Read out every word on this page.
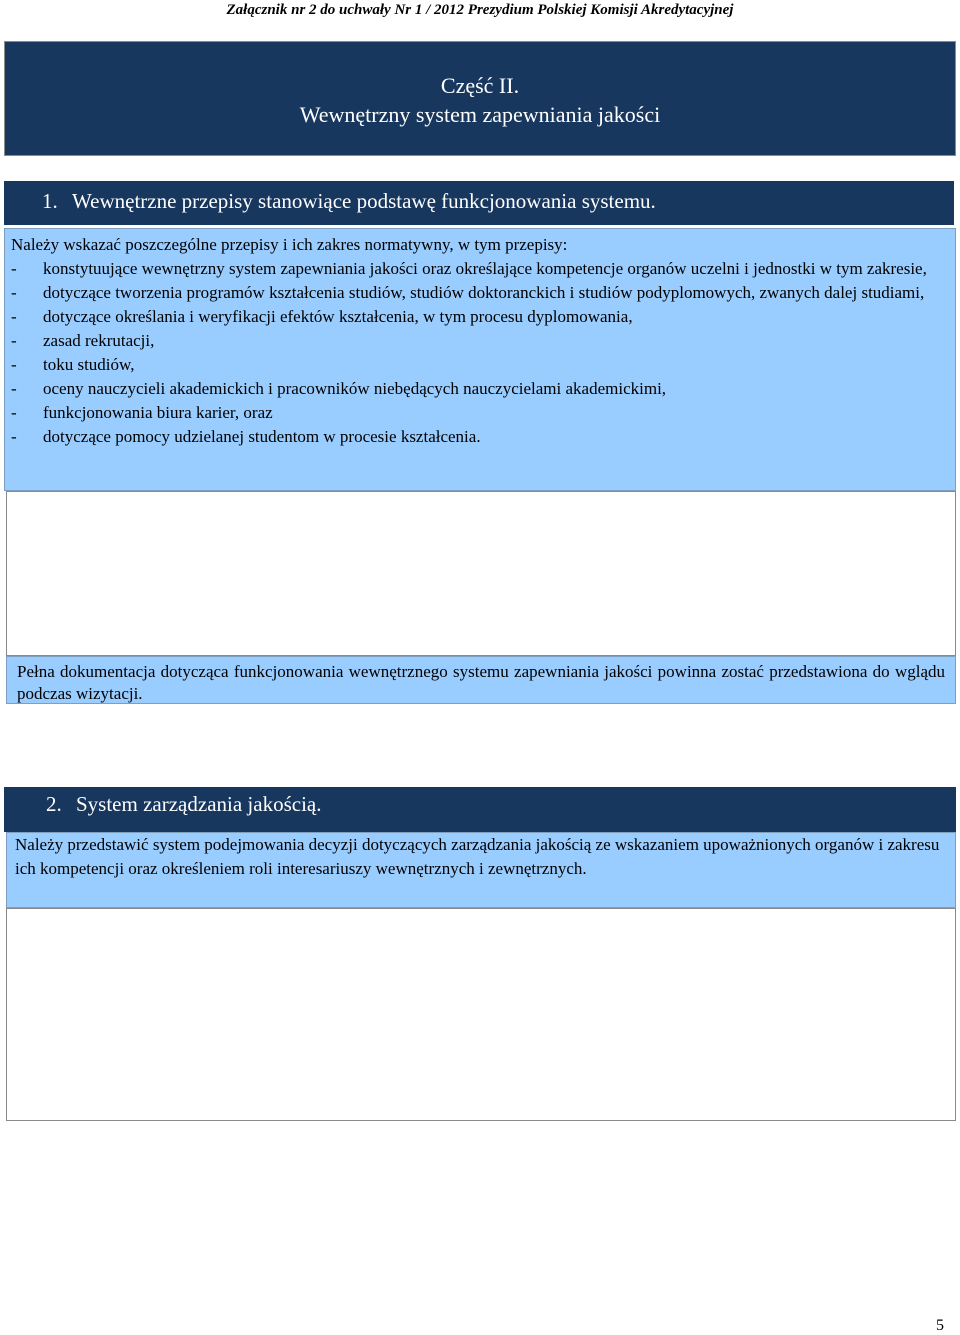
Załącznik nr 2 do uchwały Nr 1 / 2012 Prezydium Polskiej Komisji Akredytacyjnej
Część II.
Wewnętrzny system zapewniania jakości
1. Wewnętrzne przepisy stanowiące podstawę funkcjonowania systemu.

Należy wskazać poszczególne przepisy i ich zakres normatywny, w tym przepisy:

-	konstytuujące wewnętrzny system zapewniania jakości oraz określające kompetencje organów uczelni i jednostki w tym zakresie,
-	dotyczące tworzenia programów kształcenia studiów, studiów doktoranckich i studiów podyplomowych, zwanych dalej studiami,
-	dotyczące określania i weryfikacji efektów kształcenia, w tym procesu dyplomowania,
-	zasad rekrutacji,
-	toku studiów,
-	oceny nauczycieli akademickich i pracowników niebędących nauczycielami akademickimi,
-	funkcjonowania biura karier, oraz
-	dotyczące pomocy udzielanej studentom w procesie kształcenia.
Pełna dokumentacja dotycząca funkcjonowania wewnętrznego systemu zapewniania jakości powinna zostać przedstawiona do wglądu podczas wizytacji.
2. System zarządzania jakością.
Należy przedstawić system podejmowania decyzji dotyczących zarządzania jakością ze wskazaniem upoważnionych organów i zakresu ich kompetencji oraz określeniem roli interesariuszy wewnętrznych i zewnętrznych.
5
